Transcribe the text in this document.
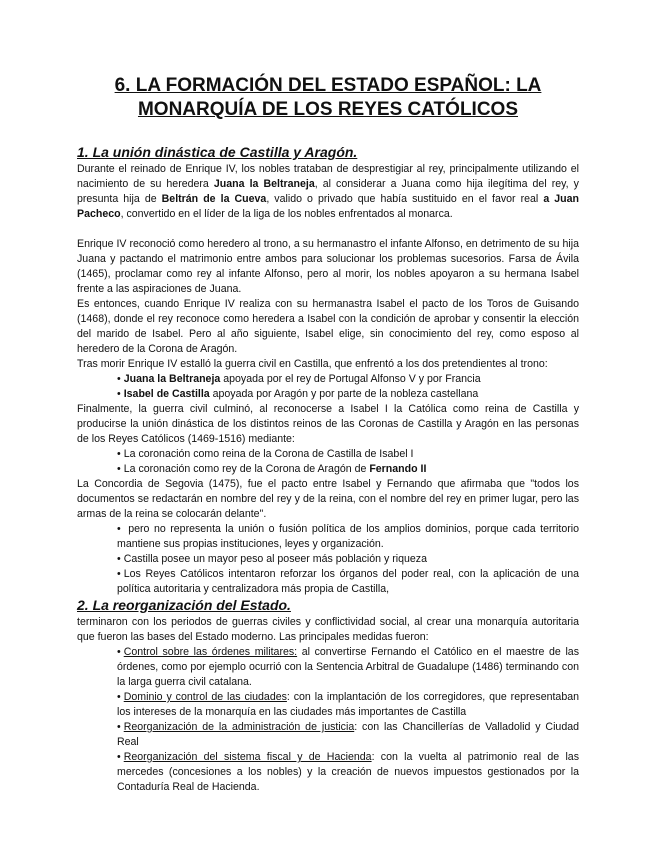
6. LA FORMACIÓN DEL ESTADO ESPAÑOL: LA
MONARQUÍA DE LOS REYES CATÓLICOS
1. La unión dinástica de Castilla y Aragón.

Durante el reinado de Enrique IV, los nobles trataban de desprestigiar al rey, principalmente utilizando el nacimiento de su heredera Juana la Beltraneja, al considerar a Juana como hija ilegítima del rey, y presunta hija de Beltrán de la Cueva, valido o privado que había sustituido en el favor real a Juan Pacheco, convertido en el líder de la liga de los nobles enfrentados al monarca.

Enrique IV reconoció como heredero al trono, a su hermanastro el infante Alfonso, en detrimento de su hija Juana y pactando el matrimonio entre ambos para solucionar los problemas sucesorios. Farsa de Ávila (1465), proclamar como rey al infante Alfonso, pero al morir, los nobles apoyaron a su hermana Isabel frente a las aspiraciones de Juana.

Es entonces, cuando Enrique IV realiza con su hermanastra Isabel el pacto de los Toros de Guisando (1468), donde el rey reconoce como heredera a Isabel con la condición de aprobar y consentir la elección del marido de Isabel. Pero al año siguiente, Isabel elige, sin conocimiento del rey, como esposo al heredero de la Corona de Aragón.

Tras morir Enrique IV estalló la guerra civil en Castilla, que enfrentó a los dos pretendientes al trono:

• Juana la Beltraneja apoyada por el rey de Portugal Alfonso V y por Francia
• Isabel de Castilla apoyada por Aragón y por parte de la nobleza castellana

Finalmente, la guerra civil culminó, al reconocerse a Isabel I la Católica como reina de Castilla y producirse la unión dinástica de los distintos reinos de las Coronas de Castilla y Aragón en las personas de los Reyes Católicos (1469-1516) mediante:

• La coronación como reina de la Corona de Castilla de Isabel I
• La coronación como rey de la Corona de Aragón de Fernando II

La Concordia de Segovia (1475), fue el pacto entre Isabel y Fernando que afirmaba que "todos los documentos se redactarán en nombre del rey y de la reina, con el nombre del rey en primer lugar, pero las armas de la reina se colocarán delante".

• pero no representa la unión o fusión política de los amplios dominios, porque cada territorio mantiene sus propias instituciones, leyes y organización.
• Castilla posee un mayor peso al poseer más población y riqueza
• Los Reyes Católicos intentaron reforzar los órganos del poder real, con la aplicación de una política autoritaria y centralizadora más propia de Castilla,
2. La reorganización del Estado.

terminaron con los periodos de guerras civiles y conflictividad social, al crear una monarquía autoritaria que fueron las bases del Estado moderno. Las principales medidas fueron:

• Control sobre las órdenes militares: al convertirse Fernando el Católico en el maestre de las órdenes, como por ejemplo ocurrió con la Sentencia Arbitral de Guadalupe (1486) terminando con la larga guerra civil catalana.
• Dominio y control de las ciudades: con la implantación de los corregidores, que representaban los intereses de la monarquía en las ciudades más importantes de Castilla
• Reorganización de la administración de justicia: con las Chancillerías de Valladolid y Ciudad Real
• Reorganización del sistema fiscal y de Hacienda: con la vuelta al patrimonio real de las mercedes (concesiones a los nobles) y la creación de nuevos impuestos gestionados por la Contaduría Real de Hacienda.
